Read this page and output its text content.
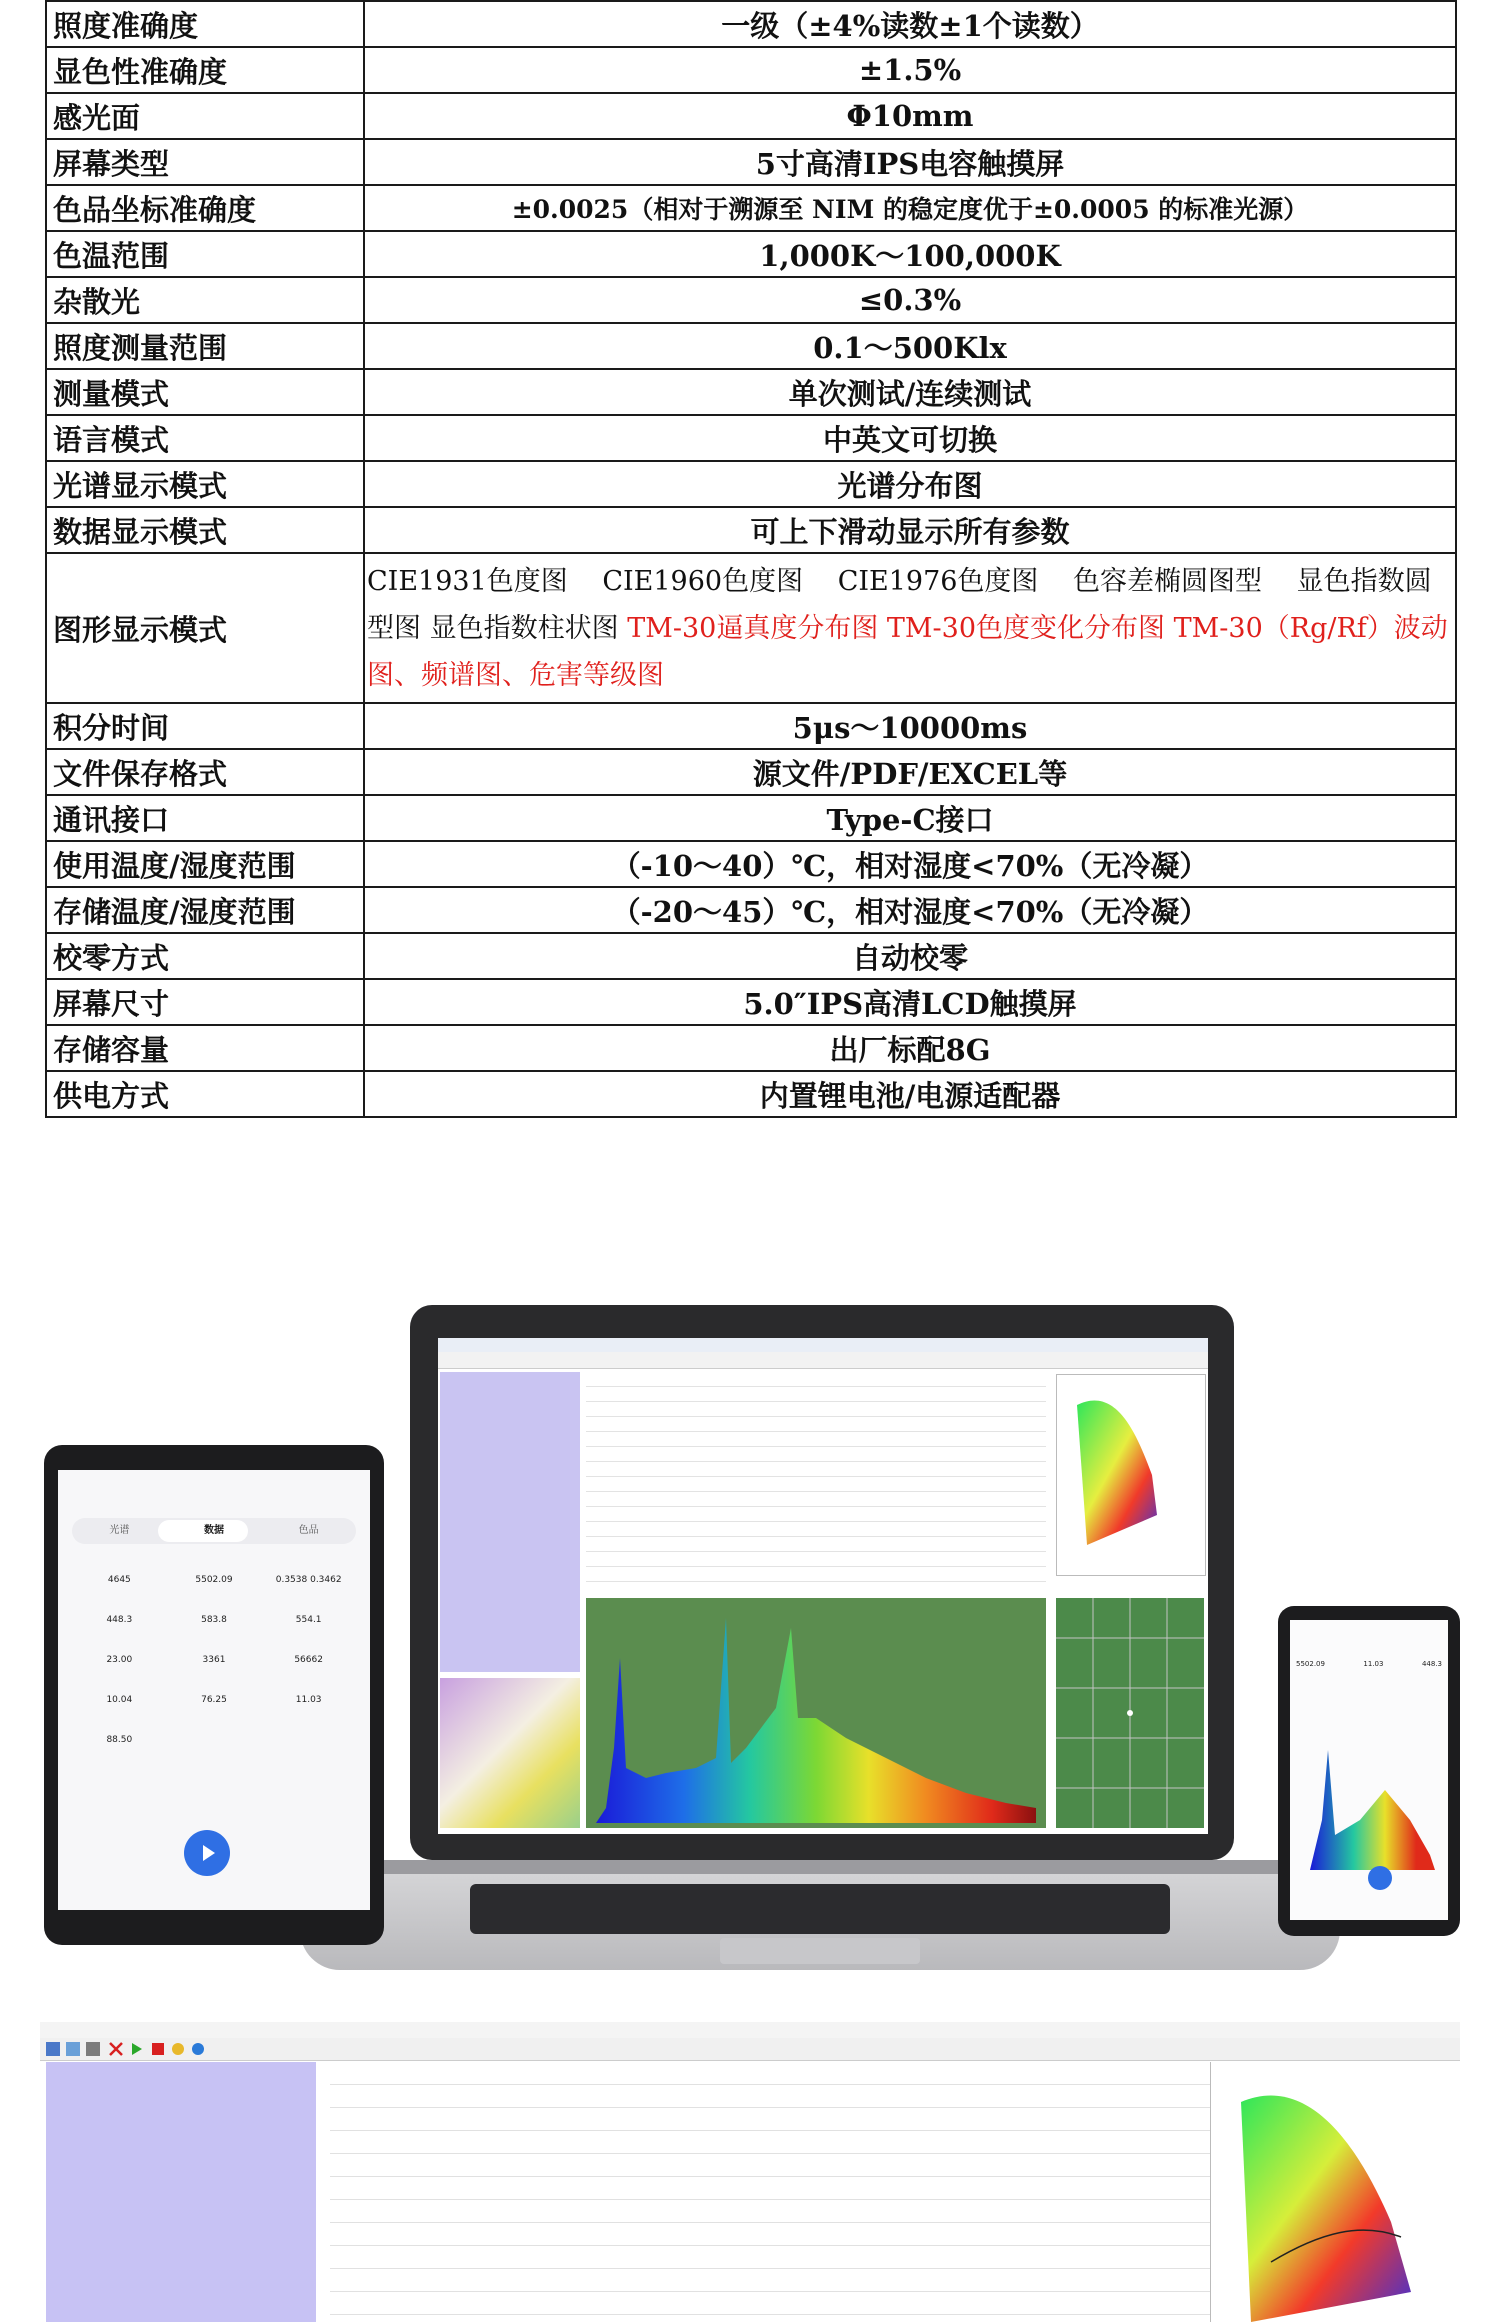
照度准确度	一级（±4%读数±1个读数）
显色性准确度	±1.5%
感光面	Φ10mm
屏幕类型	5寸高清IPS电容触摸屏
色品坐标准确度	±0.0025（相对于溯源至 NIM 的稳定度优于±0.0005 的标准光源）
色温范围	1,000K～100,000K
杂散光	≤0.3%
照度测量范围	0.1～500Klx
测量模式	单次测试/连续测试
语言模式	中英文可切换
光谱显示模式	光谱分布图
数据显示模式	可上下滑动显示所有参数
图形显示模式	CIE1931色度图 CIE1960色度图 CIE1976色度图 色容差椭圆图型 显色指数圆型图 显色指数柱状图 TM-30逼真度分布图 TM-30色度变化分布图 TM-30（Rg/Rf）波动图、频谱图、危害等级图
积分时间	5μs～10000ms
文件保存格式	源文件/PDF/EXCEL等
通讯接口	Type-C接口
使用温度/湿度范围	（-10～40）℃，相对湿度<70%（无冷凝）
存储温度/湿度范围	（-20～45）℃，相对湿度<70%（无冷凝）
校零方式	自动校零
屏幕尺寸	5.0″IPS高清LCD触摸屏
存储容量	出厂标配8G
供电方式	内置锂电池/电源适配器
光谱	数据	色品
4645	5502.09	0.3538 0.3462
448.3	583.8	554.1
23.00	3361	56662
10.04	76.25	11.03
88.50
5502.09	11.03	448.3
